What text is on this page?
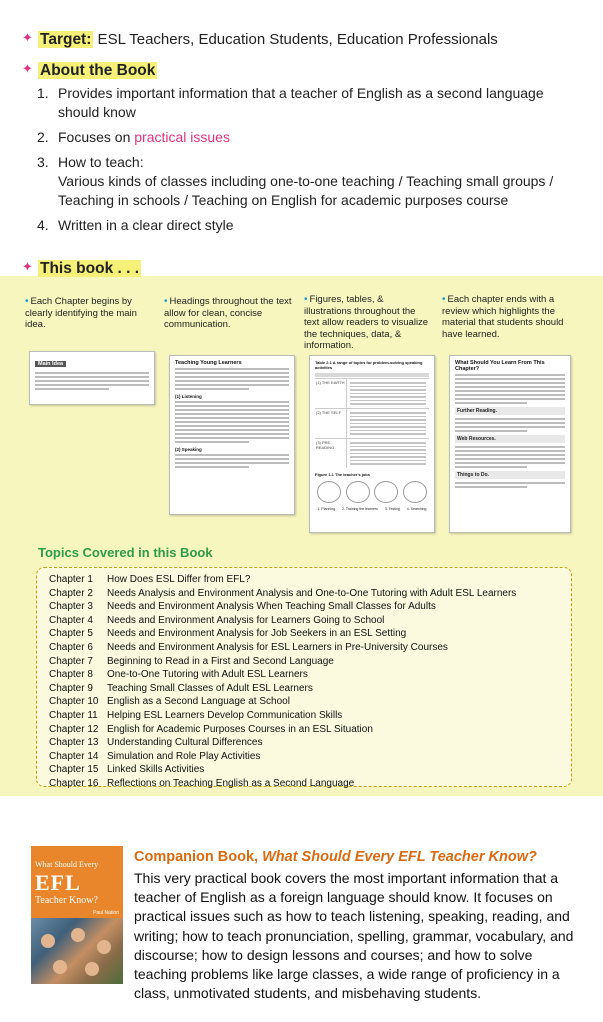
✦ Target: ESL Teachers, Education Students, Education Professionals
✦ About the Book
1. Provides important information that a teacher of English as a second language should know
2. Focuses on practical issues
3. How to teach:
Various kinds of classes including one-to-one teaching / Teaching small groups / Teaching in schools / Teaching on English for academic purposes course
4. Written in a clear direct style
✦ This book . . .
• Each Chapter begins by clearly identifying the main idea.
• Headings throughout the text allow for clean, concise communication.
• Figures, tables, & illustrations throughout the text allow readers to visualize the techniques, data, & information.
• Each chapter ends with a review which highlights the material that students should have learned.
Main Idea	Teaching Young Learners
(1) Listening
(2) Speaking
Table 2.1 A range of topics for problem-solving speaking activities
(1) THE EARTH
(2) THE SELF
(3) PRE-READING
Figure 1.1 The teacher's jobs
1. Planning 2. Training the learners 3. Testing 4. Searching
What Should You Learn From This Chapter?
Further Reading.
Web Resources.
Things to Do.
Topics Covered in this Book
Chapter 1	How Does ESL Differ from EFL?
Chapter 2	Needs Analysis and Environment Analysis and One-to-One Tutoring with Adult ESL Learners
Chapter 3	Needs and Environment Analysis When Teaching Small Classes for Adults
Chapter 4	Needs and Environment Analysis for Learners Going to School
Chapter 5	Needs and Environment Analysis for Job Seekers in an ESL Setting
Chapter 6	Needs and Environment Analysis for ESL Learners in Pre-University Courses
Chapter 7	Beginning to Read in a First and Second Language
Chapter 8	One-to-One Tutoring with Adult ESL Learners
Chapter 9	Teaching Small Classes of Adult ESL Learners
Chapter 10 English as a Second Language at School
Chapter 11 Helping ESL Learners Develop Communication Skills
Chapter 12 English for Academic Purposes Courses in an ESL Situation
Chapter 13 Understanding Cultural Differences
Chapter 14 Simulation and Role Play Activities
Chapter 15 Linked Skills Activities
Chapter 16 Reflections on Teaching English as a Second Language
What Should Every
EFL
Teacher Know?
Paul Nation
Companion Book, What Should Every EFL Teacher Know?
This very practical book covers the most important information that a teacher of English as a foreign language should know. It focuses on practical issues such as how to teach listening, speaking, reading, and writing; how to teach pronunciation, spelling, grammar, vocabulary, and discourse; how to design lessons and courses; and how to solve teaching problems like large classes, a wide range of proficiency in a class, unmotivated students, and misbehaving students.
